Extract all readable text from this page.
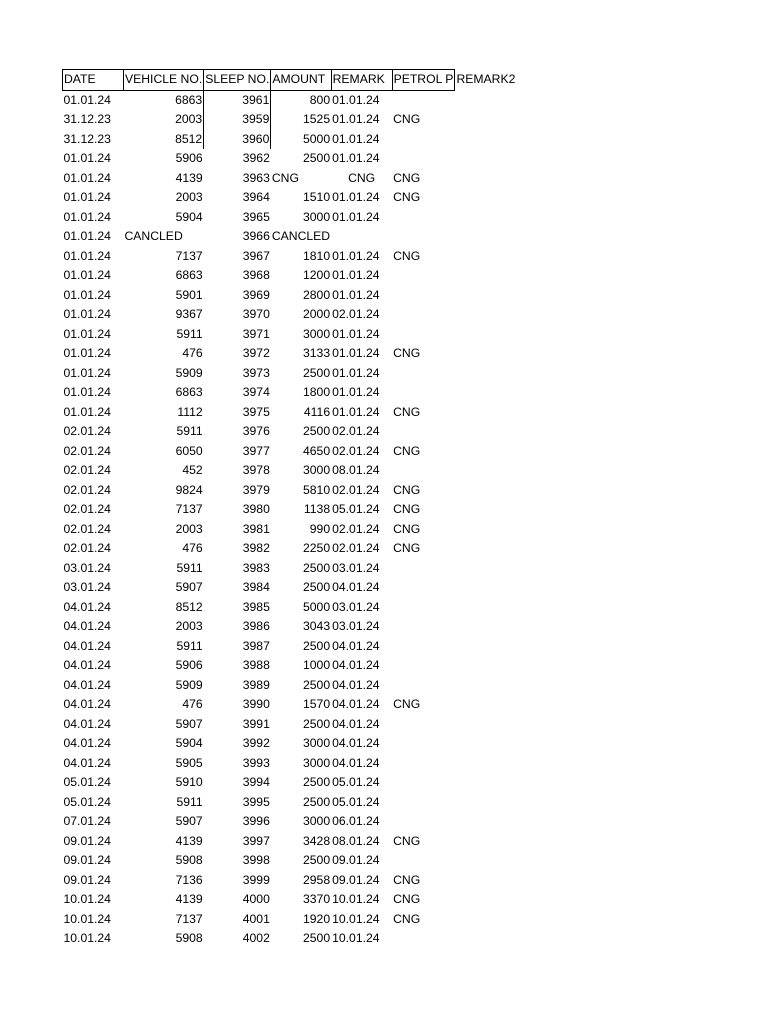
DATE	VEHICLE NO.	SLEEP NO.	AMOUNT	REMARK	PETROL P	REMARK2
01.01.24	6863	3961	800	01.01.24		
31.12.23	2003	3959	1525	01.01.24	CNG	
31.12.23	8512	3960	5000	01.01.24		
01.01.24	5906	3962	2500	01.01.24		
01.01.24	4139	3963	CNG	CNG	CNG	
01.01.24	2003	3964	1510	01.01.24	CNG	
01.01.24	5904	3965	3000	01.01.24		
01.01.24	CANCLED	3966	CANCLED			
01.01.24	7137	3967	1810	01.01.24	CNG	
01.01.24	6863	3968	1200	01.01.24		
01.01.24	5901	3969	2800	01.01.24		
01.01.24	9367	3970	2000	02.01.24		
01.01.24	5911	3971	3000	01.01.24		
01.01.24	476	3972	3133	01.01.24	CNG	
01.01.24	5909	3973	2500	01.01.24		
01.01.24	6863	3974	1800	01.01.24		
01.01.24	1112	3975	4116	01.01.24	CNG	
02.01.24	5911	3976	2500	02.01.24		
02.01.24	6050	3977	4650	02.01.24	CNG	
02.01.24	452	3978	3000	08.01.24		
02.01.24	9824	3979	5810	02.01.24	CNG	
02.01.24	7137	3980	1138	05.01.24	CNG	
02.01.24	2003	3981	990	02.01.24	CNG	
02.01.24	476	3982	2250	02.01.24	CNG	
03.01.24	5911	3983	2500	03.01.24		
03.01.24	5907	3984	2500	04.01.24		
04.01.24	8512	3985	5000	03.01.24		
04.01.24	2003	3986	3043	03.01.24		
04.01.24	5911	3987	2500	04.01.24		
04.01.24	5906	3988	1000	04.01.24		
04.01.24	5909	3989	2500	04.01.24		
04.01.24	476	3990	1570	04.01.24	CNG	
04.01.24	5907	3991	2500	04.01.24		
04.01.24	5904	3992	3000	04.01.24		
04.01.24	5905	3993	3000	04.01.24		
05.01.24	5910	3994	2500	05.01.24		
05.01.24	5911	3995	2500	05.01.24		
07.01.24	5907	3996	3000	06.01.24		
09.01.24	4139	3997	3428	08.01.24	CNG	
09.01.24	5908	3998	2500	09.01.24		
09.01.24	7136	3999	2958	09.01.24	CNG	
10.01.24	4139	4000	3370	10.01.24	CNG	
10.01.24	7137	4001	1920	10.01.24	CNG	
10.01.24	5908	4002	2500	10.01.24		
